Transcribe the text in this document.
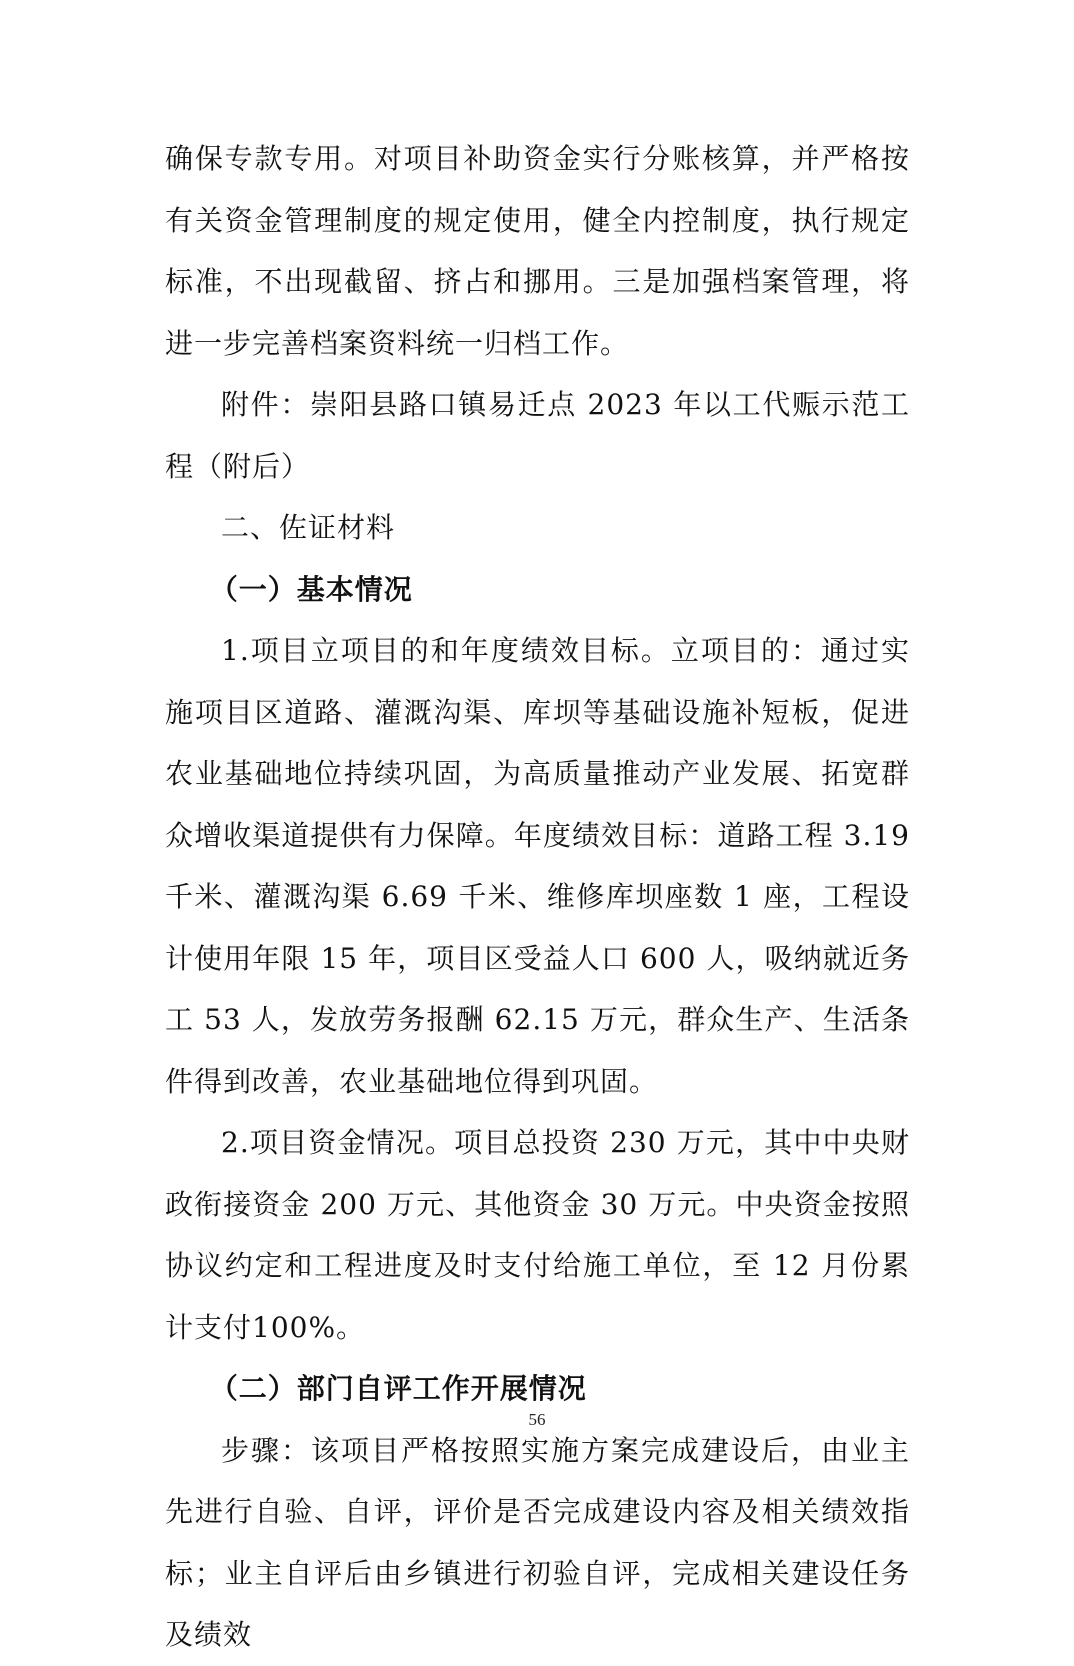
确保专款专用。对项目补助资金实行分账核算，并严格按有关资金管理制度的规定使用，健全内控制度，执行规定标准，不出现截留、挤占和挪用。三是加强档案管理，将进一步完善档案资料统一归档工作。

附件：崇阳县路口镇易迁点 2023 年以工代赈示范工程（附后）

二、佐证材料

（一）基本情况

1.项目立项目的和年度绩效目标。立项目的：通过实施项目区道路、灌溉沟渠、库坝等基础设施补短板，促进农业基础地位持续巩固，为高质量推动产业发展、拓宽群众增收渠道提供有力保障。年度绩效目标：道路工程 3.19 千米、灌溉沟渠 6.69 千米、维修库坝座数 1 座，工程设计使用年限 15 年，项目区受益人口 600 人，吸纳就近务工 53 人，发放劳务报酬 62.15 万元，群众生产、生活条件得到改善，农业基础地位得到巩固。

2.项目资金情况。项目总投资 230 万元，其中中央财政衔接资金 200 万元、其他资金 30 万元。中央资金按照协议约定和工程进度及时支付给施工单位，至 12 月份累计支付100%。

（二）部门自评工作开展情况

步骤：该项目严格按照实施方案完成建设后，由业主先进行自验、自评，评价是否完成建设内容及相关绩效指标；业主自评后由乡镇进行初验自评，完成相关建设任务及绩效

56
